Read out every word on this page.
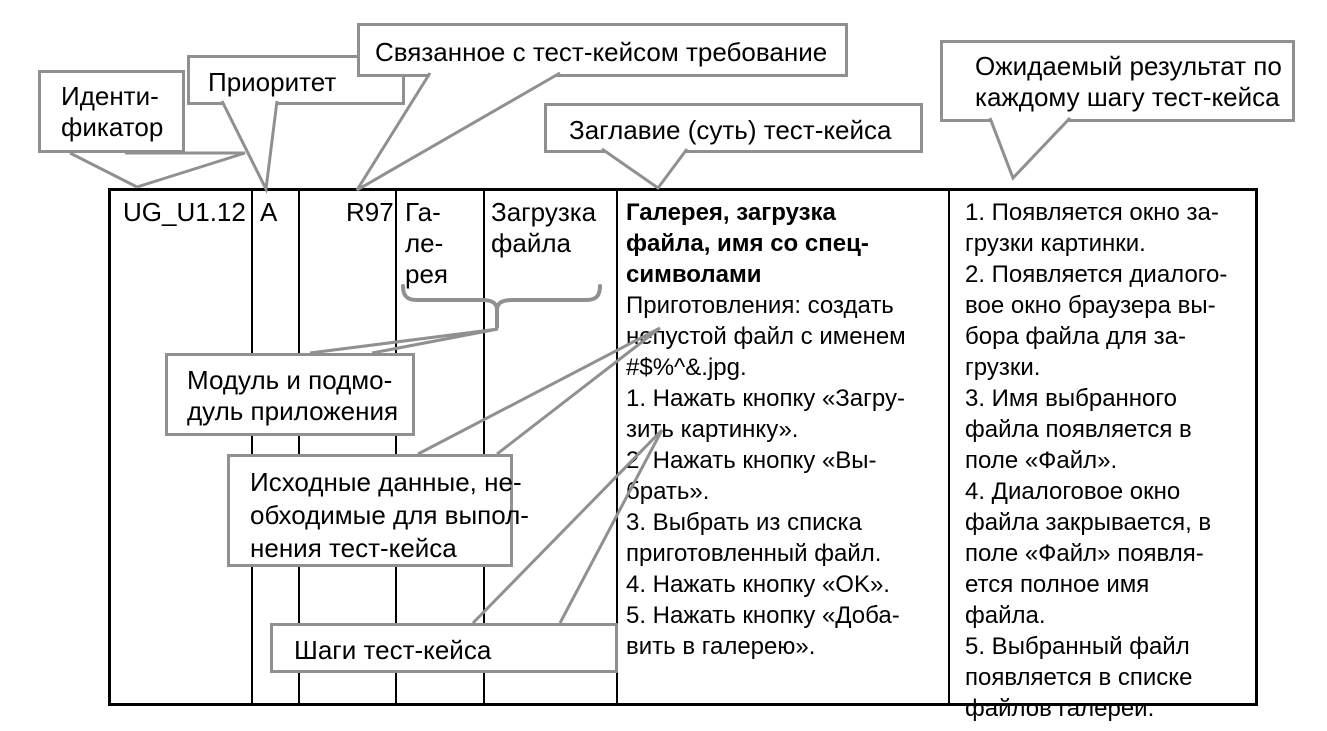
UG_U1.12 A	R97 Га-
ле-
рея
Загрузка
файла
Галерея, загрузка
файла, имя со спец-
символами
Приготовления: создать
непустой файл с именем
#$%^&.jpg.
1. Нажать кнопку «Загру-
зить картинку».
2. Нажать кнопку «Вы-
брать».
3. Выбрать из списка
приготовленный файл.
4. Нажать кнопку «OK».
5. Нажать кнопку «Доба-
вить в галерею».
1. Появляется окно за-
грузки картинки.
2. Появляется диалого-
вое окно браузера вы-
бора файла для за-
грузки.
3. Имя выбранного
файла появляется в
поле «Файл».
4. Диалоговое окно
файла закрывается, в
поле «Файл» появля-
ется полное имя
файла.
5. Выбранный файл
появляется в списке
файлов галереи.
Иденти-
фикатор
Приоритет
Связанное с тест-кейсом требование
Заглавие (суть) тест-кейса
Ожидаемый результат по
каждому шагу тест-кейса
Модуль и подмо-
дуль приложения
Исходные данные, не-
обходимые для выпол-
нения тест-кейса
Шаги тест-кейса
